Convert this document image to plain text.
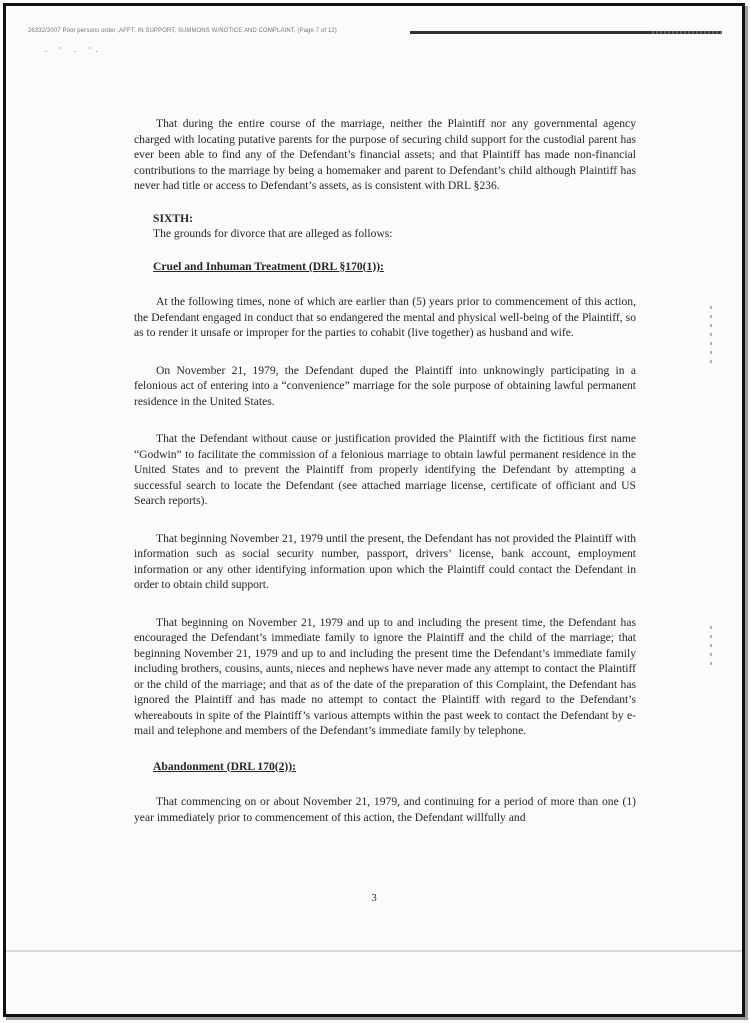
26332/2007 Poor persons order ,AFFT. IN SUPPORT, SUMMONS W/NOTICE AND COMPLAINT, (Page 7 of 12)
. ' . '.

That during the entire course of the marriage, neither the Plaintiff nor any governmental agency charged with locating putative parents for the purpose of securing child support for the custodial parent has ever been able to find any of the Defendant’s financial assets; and that Plaintiff has made non-financial contributions to the marriage by being a homemaker and parent to Defendant’s child although Plaintiff has never had title or access to Defendant’s assets, as is consistent with DRL §236.

SIXTH:

The grounds for divorce that are alleged as follows:

Cruel and Inhuman Treatment (DRL §170(1)):

At the following times, none of which are earlier than (5) years prior to commencement of this action, the Defendant engaged in conduct that so endangered the mental and physical well-being of the Plaintiff, so as to render it unsafe or improper for the parties to cohabit (live together) as husband and wife.

On November 21, 1979, the Defendant duped the Plaintiff into unknowingly participating in a felonious act of entering into a “convenience” marriage for the sole purpose of obtaining lawful permanent residence in the United States.

That the Defendant without cause or justification provided the Plaintiff with the fictitious first name “Godwin” to facilitate the commission of a felonious marriage to obtain lawful permanent residence in the United States and to prevent the Plaintiff from properly identifying the Defendant by attempting a successful search to locate the Defendant (see attached marriage license, certificate of officiant and US Search reports).

That beginning November 21, 1979 until the present, the Defendant has not provided the Plaintiff with information such as social security number, passport, drivers’ license, bank account, employment information or any other identifying information upon which the Plaintiff could contact the Defendant in order to obtain child support.

That beginning on November 21, 1979 and up to and including the present time, the Defendant has encouraged the Defendant’s immediate family to ignore the Plaintiff and the child of the marriage; that beginning November 21, 1979 and up to and including the present time the Defendant’s immediate family including brothers, cousins, aunts, nieces and nephews have never made any attempt to contact the Plaintiff or the child of the marriage; and that as of the date of the preparation of this Complaint, the Defendant has ignored the Plaintiff and has made no attempt to contact the Plaintiff with regard to the Defendant’s whereabouts in spite of the Plaintiff’s various attempts within the past week to contact the Defendant by e-mail and telephone and members of the Defendant’s immediate family by telephone.

Abandonment (DRL 170(2)):

That commencing on or about November 21, 1979, and continuing for a period of more than one (1) year immediately prior to commencement of this action, the Defendant willfully and

3
